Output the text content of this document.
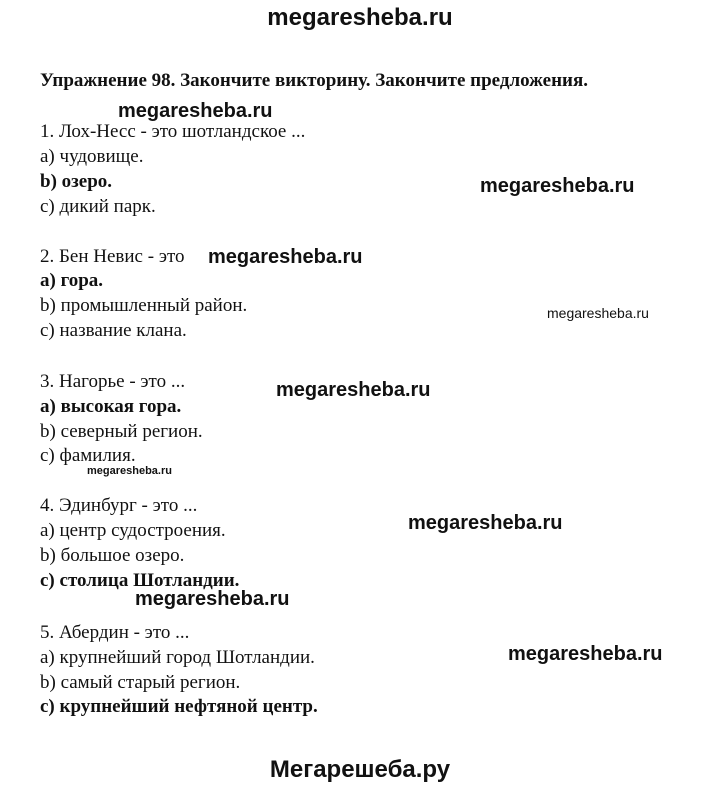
megaresheba.ru
Упражнение 98. Закончите викторину. Закончите предложения.
1. Лох-Несс - это шотландское ...
a) чудовище.
b) озеро.
c) дикий парк.
2. Бен Невис - это
a) гора.
b) промышленный район.
c) название клана.
3. Нагорье - это ...
a) высокая гора.
b) северный регион.
c) фамилия.
4. Эдинбург - это ...
a) центр судостроения.
b) большое озеро.
c) столица Шотландии.
5. Абердин - это ...
a) крупнейший город Шотландии.
b) самый старый регион.
c) крупнейший нефтяной центр.
megaresheba.ru
megaresheba.ru
megaresheba.ru
megaresheba.ru
megaresheba.ru
megaresheba.ru
megaresheba.ru
megaresheba.ru
megaresheba.ru
Мегарешеба.ру
